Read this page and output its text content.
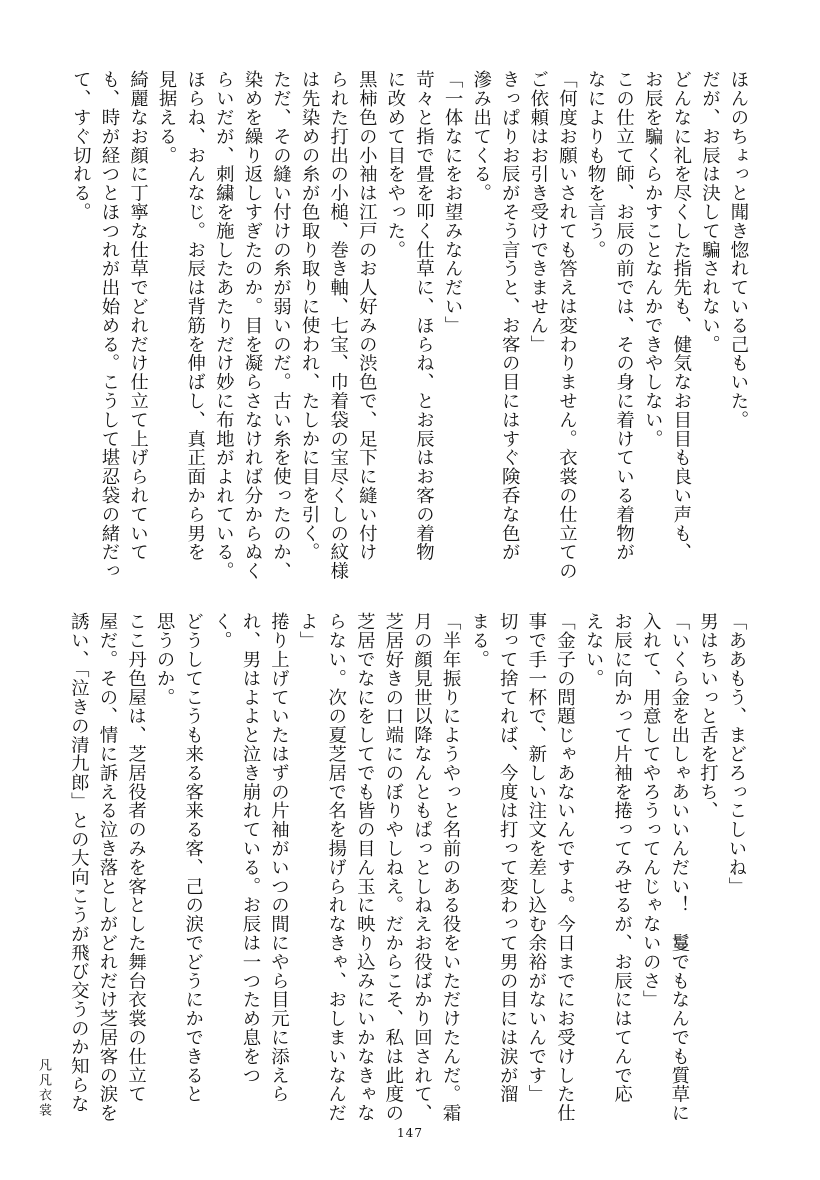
ほんのちょっと聞き惚れている己もいた。
だが、お辰は決して騙されない。
どんなに礼を尽くした指先も、健気なお目目も良い声も、
お辰を騙くらかすことなんかできやしない。
この仕立て師、お辰の前では、その身に着けている着物が
なによりも物を言う。
「何度お願いされても答えは変わりません。衣裳の仕立ての
ご依頼はお引き受けできません」
きっぱりお辰がそう言うと、お客の目にはすぐ険呑な色が
滲み出てくる。
「一体なにをお望みなんだい」
苛々と指で畳を叩く仕草に、ほらね、とお辰はお客の着物
に改めて目をやった。
黒柿色の小袖は江戸のお人好みの渋色で、足下に縫い付け
られた打出の小槌、巻き軸、七宝、巾着袋の宝尽くしの紋様
は先染めの糸が色取り取りに使われ、たしかに目を引く。
ただ、その縫い付けの糸が弱いのだ。古い糸を使ったのか、
染めを繰り返しすぎたのか。目を凝らさなければ分からぬく
らいだが、刺繍を施したあたりだけ妙に布地がよれている。
ほらね、おんなじ。お辰は背筋を伸ばし、真正面から男を
見据える。
綺麗なお顔に丁寧な仕草でどれだけ仕立て上げられていて
も、時が経つとほつれが出始める。こうして堪忍袋の緒だっ
て、すぐ切れる。
「ああもう、まどろっこしいね」
男はちいっと舌を打ち、
「いくら金を出しゃあいいんだい！　鬘でもなんでも質草に
入れて、用意してやろうってんじゃないのさ」
お辰に向かって片袖を捲ってみせるが、お辰にはてんで応
えない。
「金子の問題じゃあないんですよ。今日までにお受けした仕
事で手一杯で、新しい注文を差し込む余裕がないんです」
切って捨てれば、今度は打って変わって男の目には涙が溜
まる。
「半年振りにようやっと名前のある役をいただけたんだ。霜
月の顔見世以降なんともぱっとしねえお役ばかり回されて、
芝居好きの口端にのぼりやしねえ。だからこそ、私は此度の
芝居でなにをしてでも皆の目ん玉に映り込みにいかなきゃな
らない。次の夏芝居で名を揚げられなきゃ、おしまいなんだ
よ」
捲り上げていたはずの片袖がいつの間にやら目元に添えら
れ、男はよよと泣き崩れている。お辰は一つため息をつ
く。
どうしてこうも来る客来る客、己の涙でどうにかできると
思うのか。
ここ丹色屋は、芝居役者のみを客とした舞台衣裳の仕立て
屋だ。その、情に訴える泣き落としがどれだけ芝居客の涙を
誘い、「泣きの清九郎」との大向こうが飛び交うのか知らな
147
凡凡衣裳
